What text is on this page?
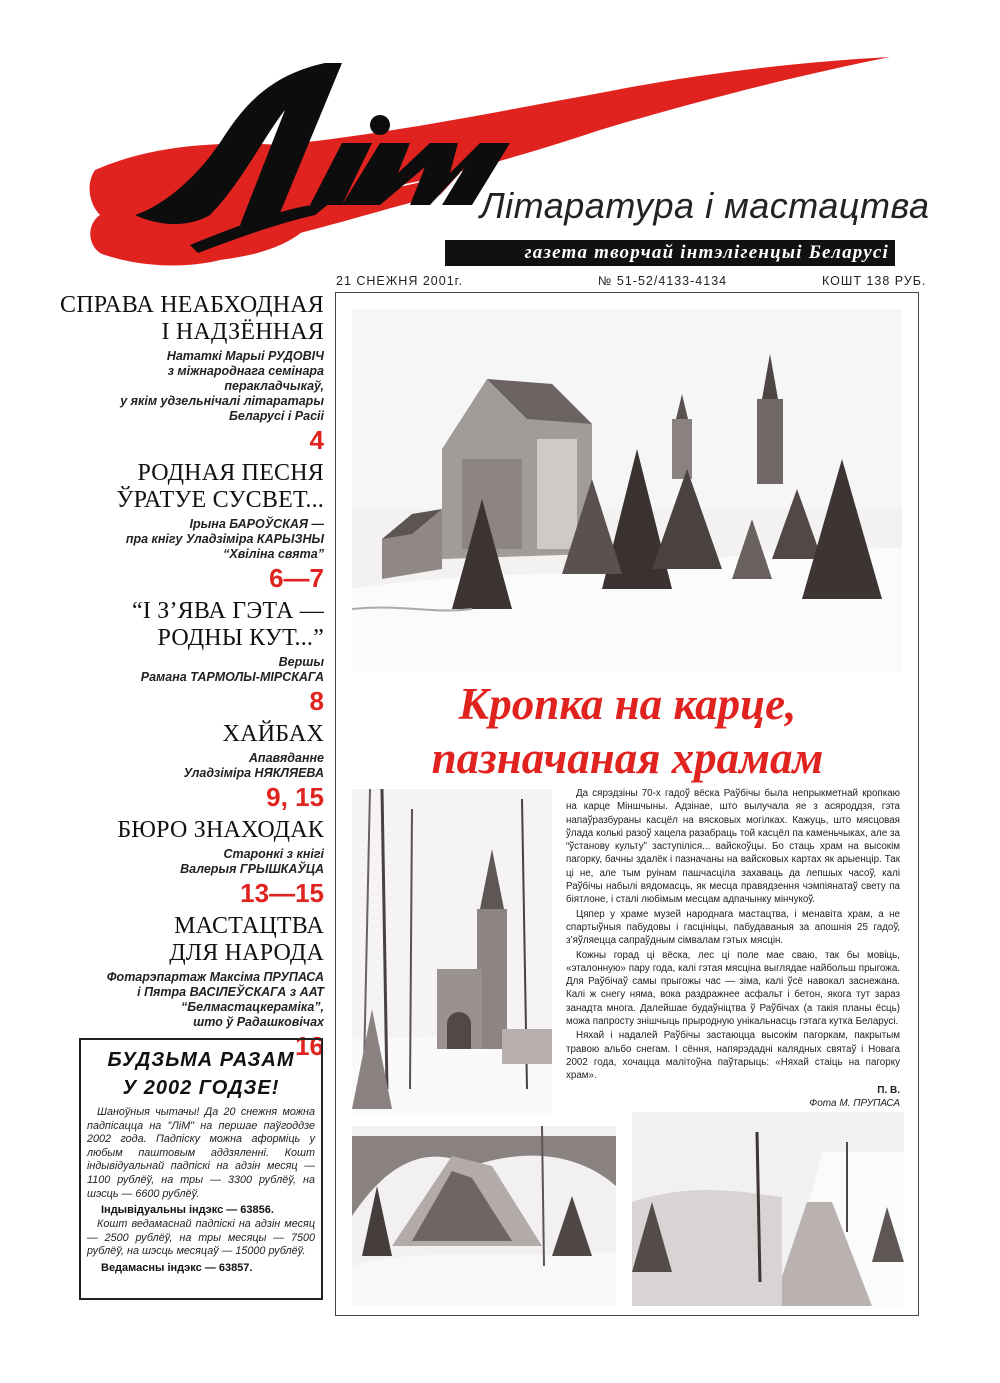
Літаратура і мастацтва
газета творчай інтэлігенцыі Беларусі
21 СНЕЖНЯ 2001г.	№ 51-52/4133-4134	КОШТ 138 РУБ.
СПРАВА НЕАБХОДНАЯ
І НАДЗЁННАЯ
Нататкі Марыі РУДОВІЧ
з міжнароднага семінара
перакладчыкаў,
у якім удзельнічалі літаратары
Беларусі і Расіі
4
РОДНАЯ ПЕСНЯ
ЎРАТУЕ СУСВЕТ...
Ірына БАРОЎСКАЯ —
пра кнігу Уладзіміра КАРЫЗНЫ
“Хвіліна свята”
6—7
“І З’ЯВА ГЭТА —
РОДНЫ КУТ...”
Вершы
Рамана ТАРМОЛЫ-МІРСКАГА
8
ХАЙБАХ
Апавяданне
Уладзіміра НЯКЛЯЕВА
9, 15
БЮРО ЗНАХОДАК
Старонкі з кнігі
Валерыя ГРЫШКАЎЦА
13—15
МАСТАЦТВА
ДЛЯ НАРОДА
Фотарэпартаж Максіма ПРУПАСА
і Пятра ВАСІЛЕЎСКАГА з ААТ
“Белмастацкераміка”,
што ў Радашковічах
16
БУДЗЬМА РАЗАМ
У 2002 ГОДЗЕ!

Шаноўныя чытачы! Да 20 снежня можна падпісацца на "ЛіМ" на першае паўгоддзе 2002 года. Падпіску можна аформіць у любым паштовым аддзяленні. Кошт індывідуальнай падпіскі на адзін месяц — 1100 рублёў, на тры — 3300 рублёў, на шэсць — 6600 рублёў.

Індывідуальны індэкс — 63856.

Кошт ведамаснай падпіскі на адзін месяц — 2500 рублёў, на тры месяцы — 7500 рублёў, на шэсць месяцаў — 15000 рублёў.

Ведамасны індэкс — 63857.
Кропка на карце,
пазначаная храмам

Да сярэдзіны 70-х гадоў вёска Раўбічы была непрыкметнай кропкаю на карце Міншчыны. Адзінае, што вылучала яе з асяроддзя, гэта напаўразбураны касцёл на вясковых могілках. Кажуць, што мясцовая ўлада колькі разоў хацела разабраць той касцёл па каменьчыках, але за “ўстанову культу” заступіліся... вайскоўцы. Бо стаць храм на высокім пагорку, бачны здалёк і пазначаны на вайсковых картах як арыенцір. Так ці не, але тым руінам пашчасціла захаваць да лепшых часоў, калі Раўбічы набылі вядомасць, як месца правядзення чэмпіянатаў свету па біятлоне, і сталі любімым месцам адпачынку мінчукоў.

Цяпер у храме музей народнага мастацтва, і менавіта храм, а не спартыўныя пабудовы і гасцініцы, пабудаваныя за апошнія 25 гадоў, з’яўляецца сапраўдным сімвалам гэтых мясцін.

Кожны горад ці вёска, лес ці поле мае сваю, так бы мовіць, «эталонную» пару года, калі гэтая мясціна выглядае найбольш прыгожа. Для Раўбічаў самы прыгожы час — зіма, калі ўсё навокал заснежана. Калі ж снегу няма, вока раздражнее асфальт і бетон, якога тут зараз занадта многа. Далейшае будаўніцтва ў Раўбічах (а такія планы ёсць) можа папросту знішчыць прыродную унікальнасць гэтага кутка Беларусі.

Няхай і надалей Раўбічы застаюцца высокім пагоркам, пакрытым травою альбо снегам. І сёння, напярэдадні калядных святаў і Новага 2002 года, хочацца малітоўна паўтарыць: «Няхай стаіць на пагорку храм».

П. В.
Фота М. ПРУПАСА
